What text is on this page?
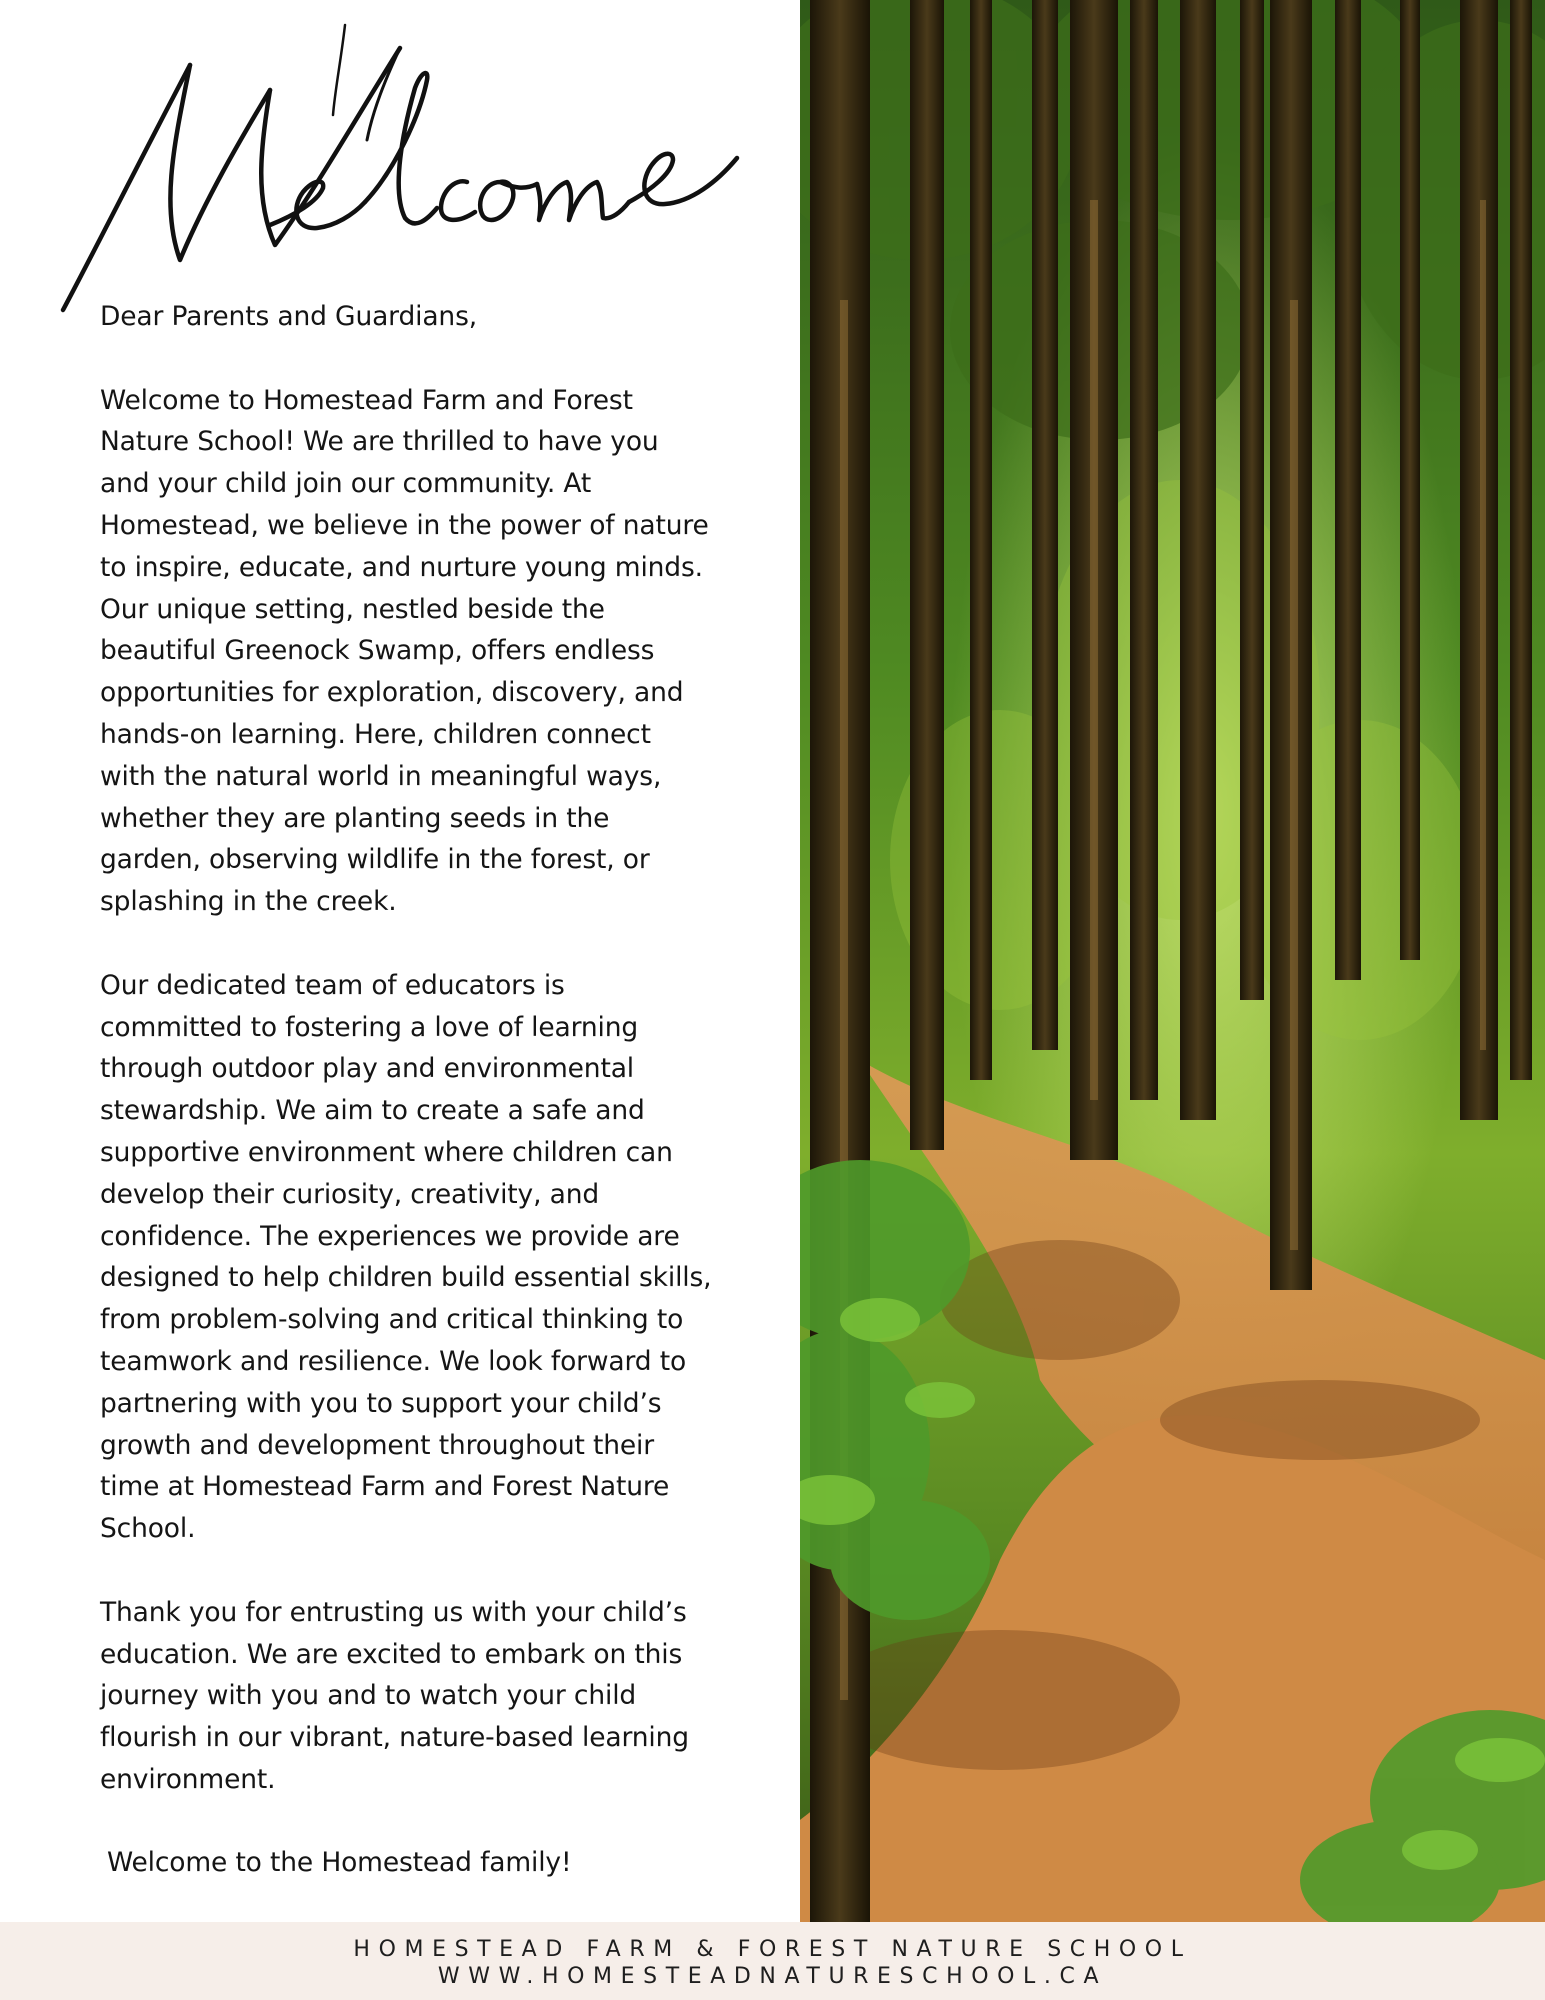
Dear Parents and Guardians,

Welcome to Homestead Farm and Forest

Nature School! We are thrilled to have you

and your child join our community. At

Homestead, we believe in the power of nature

to inspire, educate, and nurture young minds.

Our unique setting, nestled beside the

beautiful Greenock Swamp, offers endless

opportunities for exploration, discovery, and

hands-on learning. Here, children connect

with the natural world in meaningful ways,

whether they are planting seeds in the

garden, observing wildlife in the forest, or

splashing in the creek.

Our dedicated team of educators is

committed to fostering a love of learning

through outdoor play and environmental

stewardship. We aim to create a safe and

supportive environment where children can

develop their curiosity, creativity, and

confidence. The experiences we provide are

designed to help children build essential skills,

from problem-solving and critical thinking to

teamwork and resilience. We look forward to

partnering with you to support your child’s

growth and development throughout their

time at Homestead Farm and Forest Nature

School.

Thank you for entrusting us with your child’s

education. We are excited to embark on this

journey with you and to watch your child

flourish in our vibrant, nature-based learning

environment.

Welcome to the Homestead family!

HOMESTEAD FARM & FOREST NATURE SCHOOL
WWW.HOMESTEADNATURESCHOOL.CA
